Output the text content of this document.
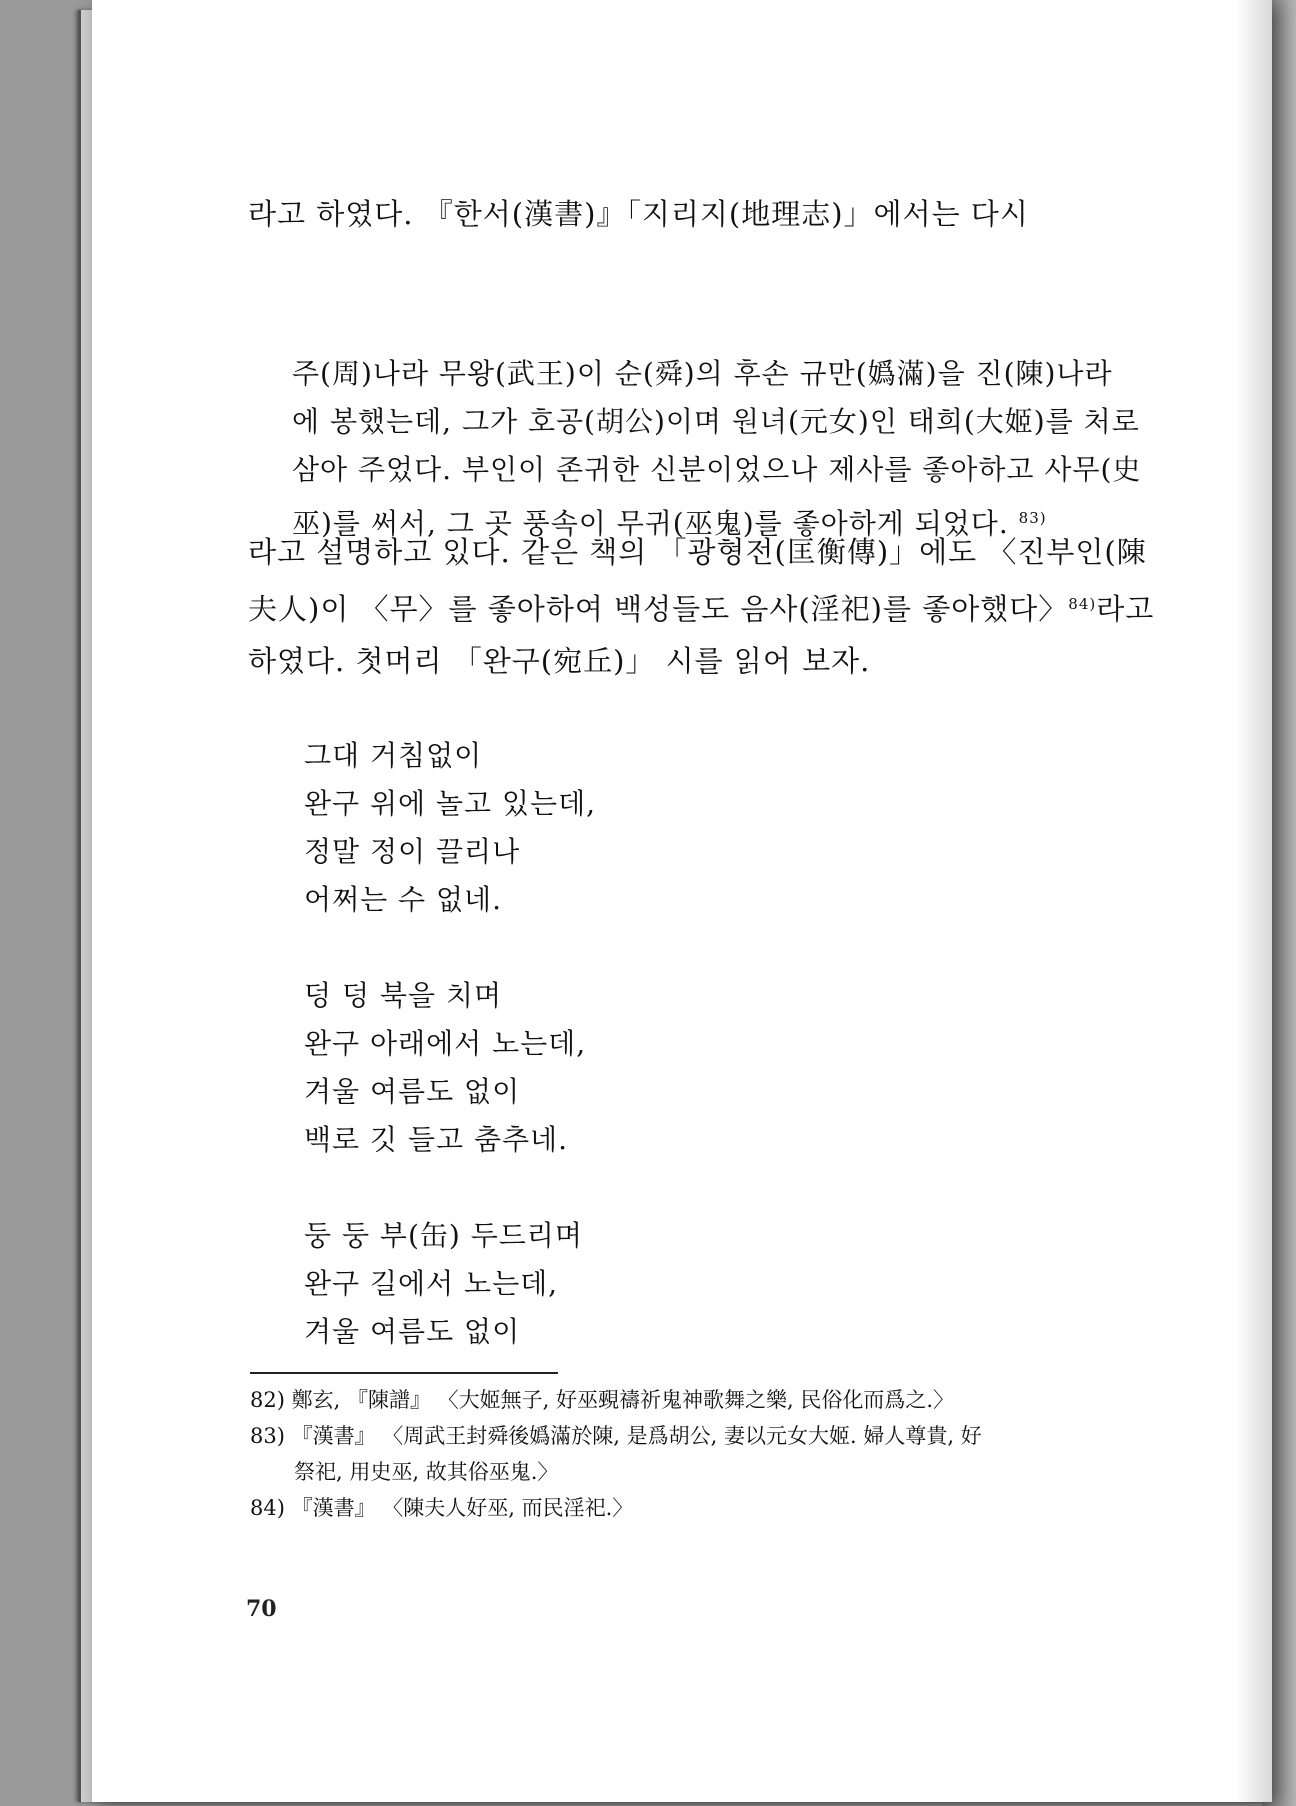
라고 하였다. 『한서(漢書)』「지리지(地理志)」에서는 다시

주(周)나라 무왕(武王)이 순(舜)의 후손 규만(嬀滿)을 진(陳)나라

에 봉했는데, 그가 호공(胡公)이며 원녀(元女)인 태희(大姬)를 처로

삼아 주었다. 부인이 존귀한 신분이었으나 제사를 좋아하고 사무(史

巫)를 써서, 그 곳 풍속이 무귀(巫鬼)를 좋아하게 되었다. $^{83)}$

라고 설명하고 있다. 같은 책의 「광형전(匡衡傳)」에도 〈진부인(陳

夫人)이 〈무〉를 좋아하여 백성들도 음사(淫祀)를 좋아했다〉$^{84)}$라고

하였다. 첫머리 「완구(宛丘)」 시를 읽어 보자.

그대 거침없이

완구 위에 놀고 있는데,

정말 정이 끌리나

어쩌는 수 없네.

덩 덩 북을 치며

완구 아래에서 노는데,

겨울 여름도 없이

백로 깃 들고 춤추네.

둥 둥 부(缶) 두드리며

완구 길에서 노는데,

겨울 여름도 없이

82) 鄭玄, 『陳譜』 〈大姬無子, 好巫覡禱祈鬼神歌舞之樂, 民俗化而爲之.〉

83) 『漢書』 〈周武王封舜後嬀滿於陳, 是爲胡公, 妻以元女大姬. 婦人尊貴, 好

祭祀, 用史巫, 故其俗巫鬼.〉

84) 『漢書』 〈陳夫人好巫, 而民淫祀.〉

70
